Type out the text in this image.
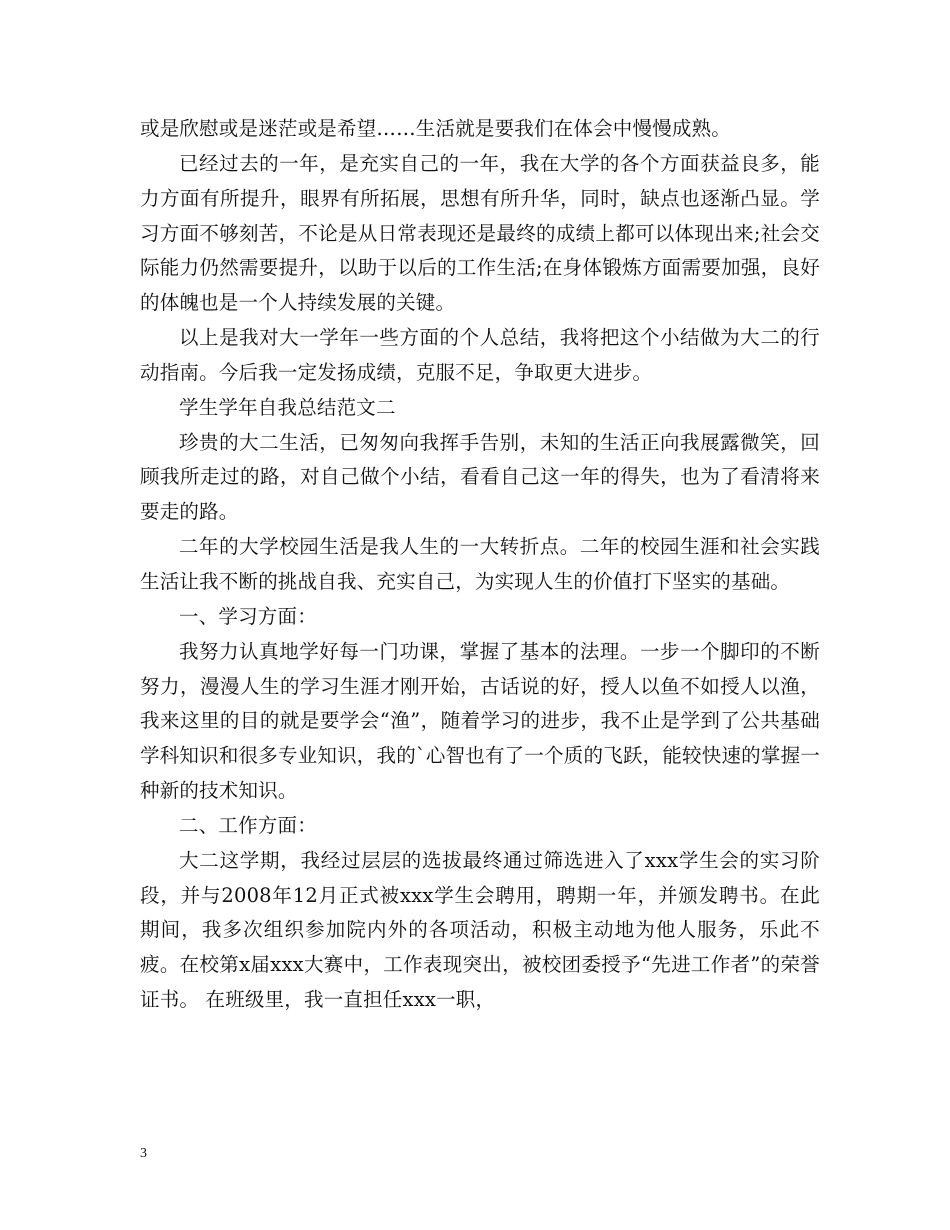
或是欣慰或是迷茫或是希望……生活就是要我们在体会中慢慢成熟。

已经过去的一年，是充实自己的一年，我在大学的各个方面获益良多，能力方面有所提升，眼界有所拓展，思想有所升华，同时，缺点也逐渐凸显。学习方面不够刻苦，不论是从日常表现还是最终的成绩上都可以体现出来;社会交际能力仍然需要提升，以助于以后的工作生活;在身体锻炼方面需要加强，良好的体魄也是一个人持续发展的关键。

以上是我对大一学年一些方面的个人总结，我将把这个小结做为大二的行动指南。今后我一定发扬成绩，克服不足，争取更大进步。

学生学年自我总结范文二

珍贵的大二生活，已匆匆向我挥手告别，未知的生活正向我展露微笑，回顾我所走过的路，对自己做个小结，看看自己这一年的得失，也为了看清将来要走的路。

二年的大学校园生活是我人生的一大转折点。二年的校园生涯和社会实践生活让我不断的挑战自我、充实自己，为实现人生的价值打下坚实的基础。

一、学习方面：

我努力认真地学好每一门功课，掌握了基本的法理。一步一个脚印的不断努力，漫漫人生的学习生涯才刚开始，古话说的好，授人以鱼不如授人以渔，我来这里的目的就是要学会“渔”，随着学习的进步，我不止是学到了公共基础学科知识和很多专业知识，我的`心智也有了一个质的飞跃，能较快速的掌握一种新的技术知识。

二、工作方面：

大二这学期，我经过层层的选拔最终通过筛选进入了xxx学生会的实习阶段，并与2008年12月正式被xxx学生会聘用，聘期一年，并颁发聘书。在此期间，我多次组织参加院内外的各项活动，积极主动地为他人服务，乐此不疲。在校第x届xxx大赛中，工作表现突出，被校团委授予“先进工作者”的荣誉证书。 在班级里，我一直担任xxx一职，

3
